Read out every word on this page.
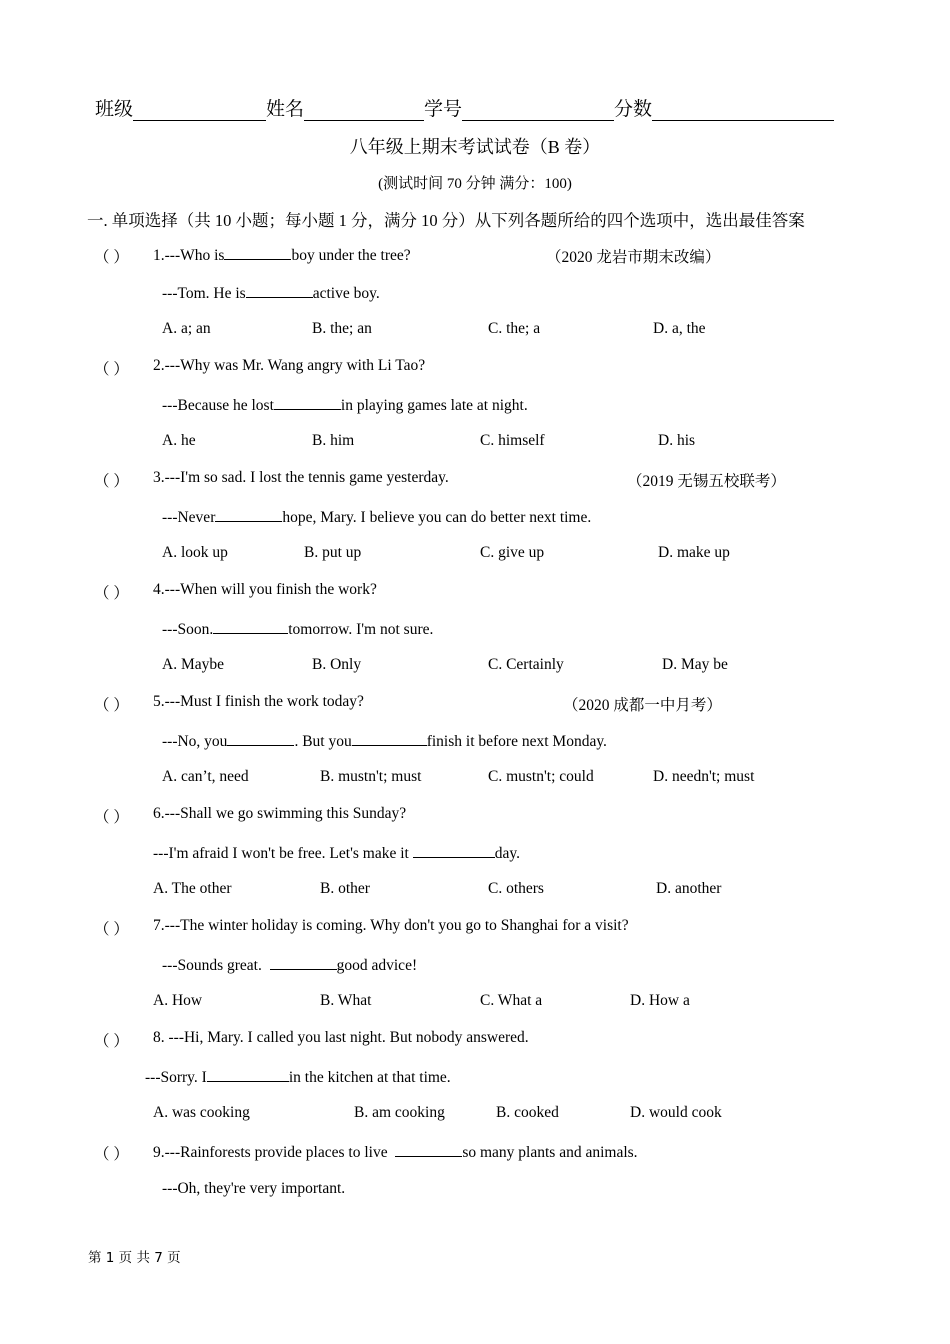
班级	姓名	学号	分数
八年级上期末考试试卷（B 卷）
(测试时间 70 分钟 满分：100)
一. 单项选择（共 10 小题；每小题 1 分，满分 10 分）从下列各题所给的四个选项中，选出最佳答案
（ ） 1.---Who is	boy under the tree?	（2020 龙岩市期末改编）
---Tom. He is	active boy.
A. a; an	B. the; an	C. the; a	D. a, the
（ ） 2.---Why was Mr. Wang angry with Li Tao?
---Because he lost	in playing games late at night.
A. he	B. him	C. himself	D. his
（ ） 3.---I'm so sad. I lost the tennis game yesterday.	（2019 无锡五校联考）
---Never	hope, Mary. I believe you can do better next time.
A. look up	B. put up	C. give up	D. make up
（ ） 4.---When will you finish the work?
---Soon.	tomorrow. I'm not sure.
A. Maybe	B. Only	C. Certainly	D. May be
（ ） 5.---Must I finish the work today?	（2020 成都一中月考）
---No, you	. But you	finish it before next Monday.
A. can’t, need	B. mustn't; must	C. mustn't; could	D. needn't; must
（ ） 6.---Shall we go swimming this Sunday?
---I'm afraid I won't be free. Let's make it	day.
A. The other	B. other	C. others	D. another
（ ） 7.---The winter holiday is coming. Why don't you go to Shanghai for a visit?
---Sounds great.	good advice!
A. How	B. What	C. What a	D. How a
（ ） 8. ---Hi, Mary. I called you last night. But nobody answered.
---Sorry. I	in the kitchen at that time.
A. was cooking	B. am cooking	B. cooked	D. would cook
（ ） 9.---Rainforests provide places to live	so many plants and animals.
---Oh, they're very important.
第 1 页 共 7 页
